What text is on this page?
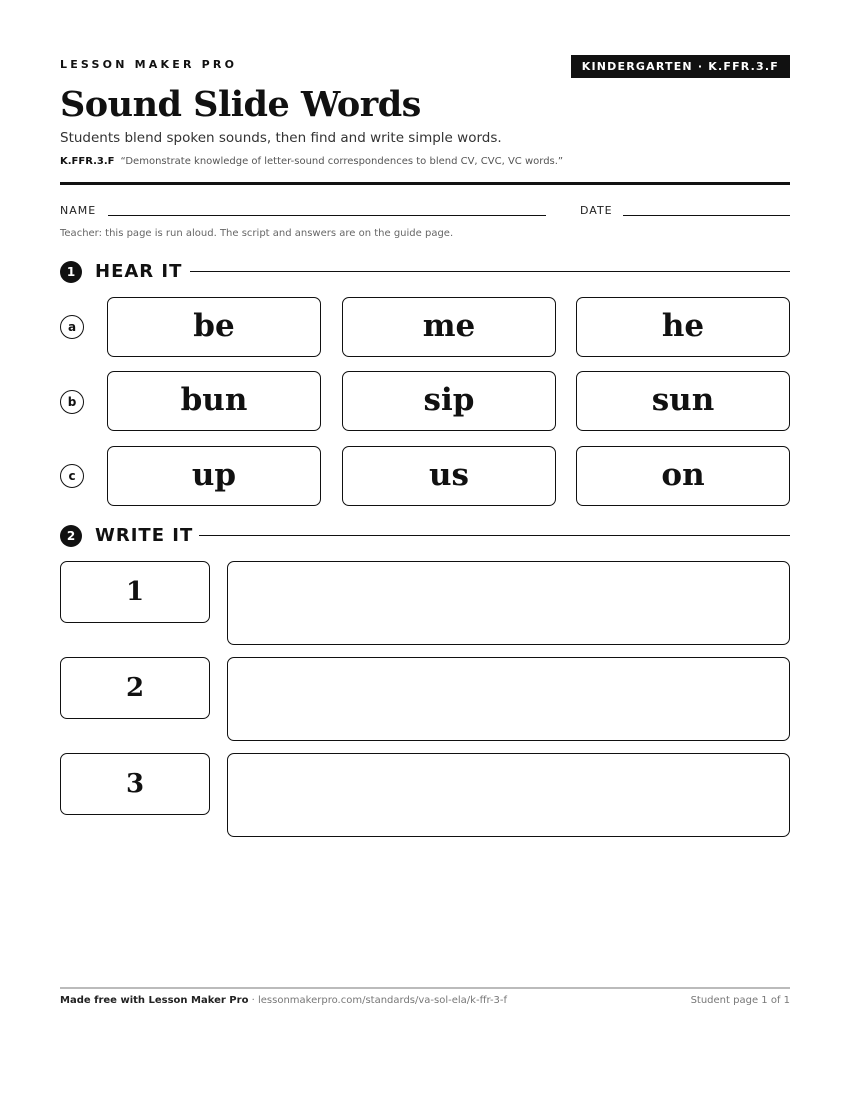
LESSON MAKER PRO	KINDERGARTEN · K.FFR.3.F
Sound Slide Words
Students blend spoken sounds, then find and write simple words.
K.FFR.3.F “Demonstrate knowledge of letter-sound correspondences to blend CV, CVC, VC words.”
NAME	DATE
Teacher: this page is run aloud. The script and answers are on the guide page.
1	HEAR IT
a	be	me	he
b	bun	sip	sun
c	up	us	on
2	WRITE IT
1
2
3
Made free with Lesson Maker Pro · lessonmakerpro.com/standards/va-sol-ela/k-ffr-3-f	Student page 1 of 1
